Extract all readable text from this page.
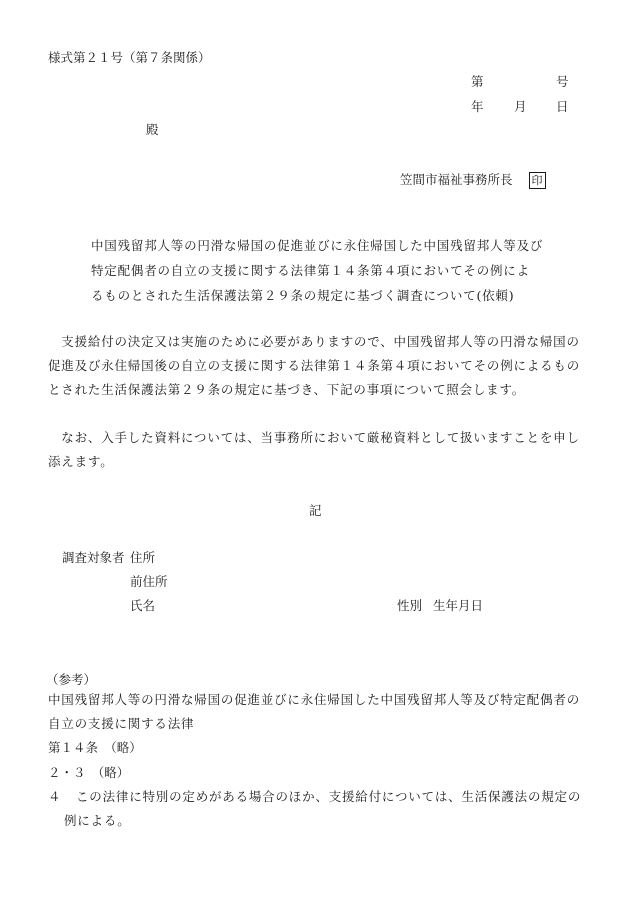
様式第２１号（第７条関係）
第	号
年 月 日
殿
笠間市福祉事務所長 印
中国残留邦人等の円滑な帰国の促進並びに永住帰国した中国残留邦人等及び
特定配偶者の自立の支援に関する法律第１４条第４項においてその例によ
るものとされた生活保護法第２９条の規定に基づく調査について(依頼)
　支援給付の決定又は実施のために必要がありますので、中国残留邦人等の円滑な帰国の促進及び永住帰国後の自立の支援に関する法律第１４条第４項においてその例によるものとされた生活保護法第２９条の規定に基づき、下記の事項について照会します。
　なお、入手した資料については、当事務所において厳秘資料として扱いますことを申し添えます。
記
調査対象者 住所
前住所
氏名	性別 生年月日
（参考）
中国残留邦人等の円滑な帰国の促進並びに永住帰国した中国残留邦人等及び特定配偶者の自立の支援に関する法律
第１４条　（略）
２・３　（略）
４	この法律に特別の定めがある場合のほか、支援給付については、生活保護法の規定の例による。
